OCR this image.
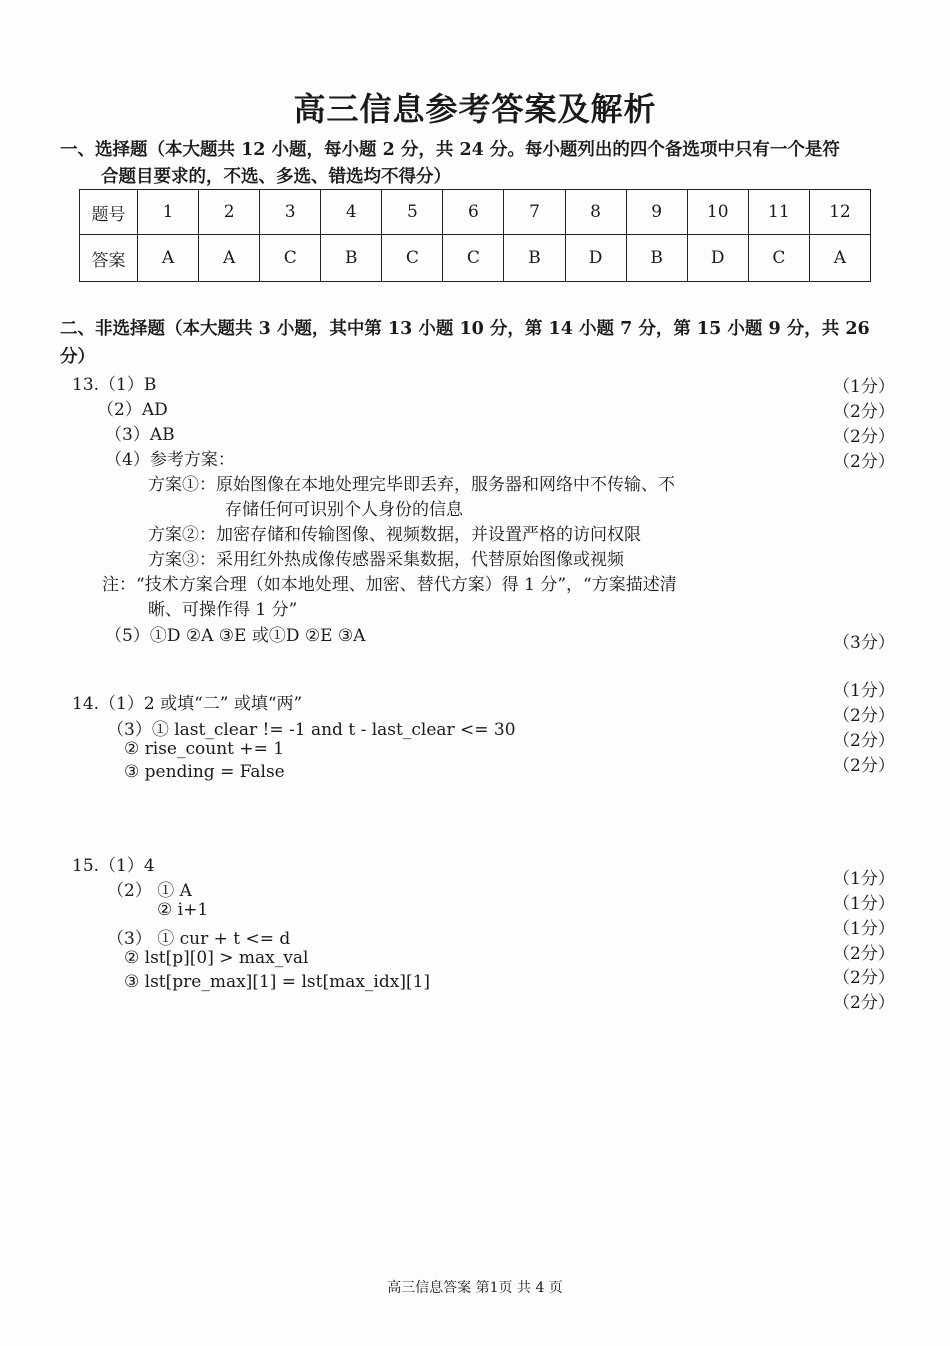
高三信息参考答案及解析
一、选择题（本大题共 12 小题，每小题 2 分，共 24 分。每小题列出的四个备选项中只有一个是符
合题目要求的，不选、多选、错选均不得分）
题号	1	2	3	4	5	6	7	8	9	10	11	12
答案	A	A	C	B	C	C	B	D	B	D	C	A
二、非选择题（本大题共 3 小题，其中第 13 小题 10 分，第 14 小题 7 分，第 15 小题 9 分，共 26
分）
13.（1）B
（2）AD
（3）AB
（4）参考方案：
方案①：原始图像在本地处理完毕即丢弃，服务器和网络中不传输、不
存储任何可识别个人身份的信息
方案②：加密存储和传输图像、视频数据，并设置严格的访问权限
方案③：采用红外热成像传感器采集数据，代替原始图像或视频
注：“技术方案合理（如本地处理、加密、替代方案）得 1 分”，“方案描述清
晰、可操作得 1 分”
（5）①D ②A ③E 或①D ②E ③A
（1分）
（2分）
（2分）
（2分）
（3分）
14.（1）2 或填“二” 或填“两”
（3）① last_clear != -1 and t - last_clear <= 30
② rise_count += 1
③ pending = False
（1分）
（2分）
（2分）
（2分）
15.（1）4
（2） ① A
② i+1
（3） ① cur + t <= d
② lst[p][0] > max_val
③ lst[pre_max][1] = lst[max_idx][1]
（1分）
（1分）
（1分）
（2分）
（2分）
（2分）
高三信息答案 第1页 共 4 页
